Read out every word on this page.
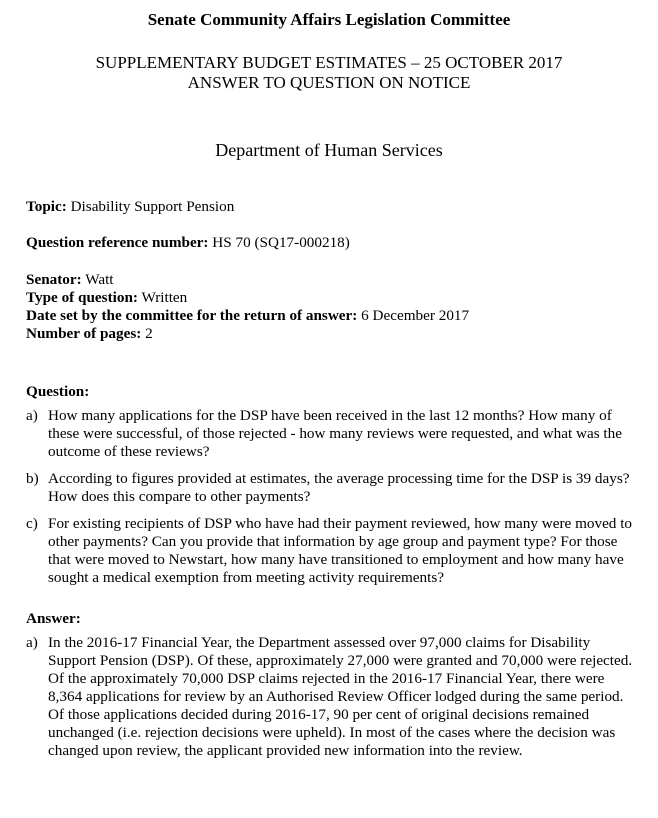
Senate Community Affairs Legislation Committee
SUPPLEMENTARY BUDGET ESTIMATES – 25 OCTOBER 2017
ANSWER TO QUESTION ON NOTICE
Department of Human Services
Topic: Disability Support Pension
Question reference number: HS 70 (SQ17-000218)
Senator: Watt
Type of question: Written
Date set by the committee for the return of answer: 6 December 2017
Number of pages: 2
Question:
a) How many applications for the DSP have been received in the last 12 months? How many of these were successful, of those rejected - how many reviews were requested, and what was the outcome of these reviews?
b) According to figures provided at estimates, the average processing time for the DSP is 39 days? How does this compare to other payments?
c) For existing recipients of DSP who have had their payment reviewed, how many were moved to other payments? Can you provide that information by age group and payment type? For those that were moved to Newstart, how many have transitioned to employment and how many have sought a medical exemption from meeting activity requirements?
Answer:
a) In the 2016-17 Financial Year, the Department assessed over 97,000 claims for Disability Support Pension (DSP). Of these, approximately 27,000 were granted and 70,000 were rejected.
Of the approximately 70,000 DSP claims rejected in the 2016-17 Financial Year, there were 8,364 applications for review by an Authorised Review Officer lodged during the same period. Of those applications decided during 2016-17, 90 per cent of original decisions remained unchanged (i.e. rejection decisions were upheld). In most of the cases where the decision was changed upon review, the applicant provided new information into the review.
